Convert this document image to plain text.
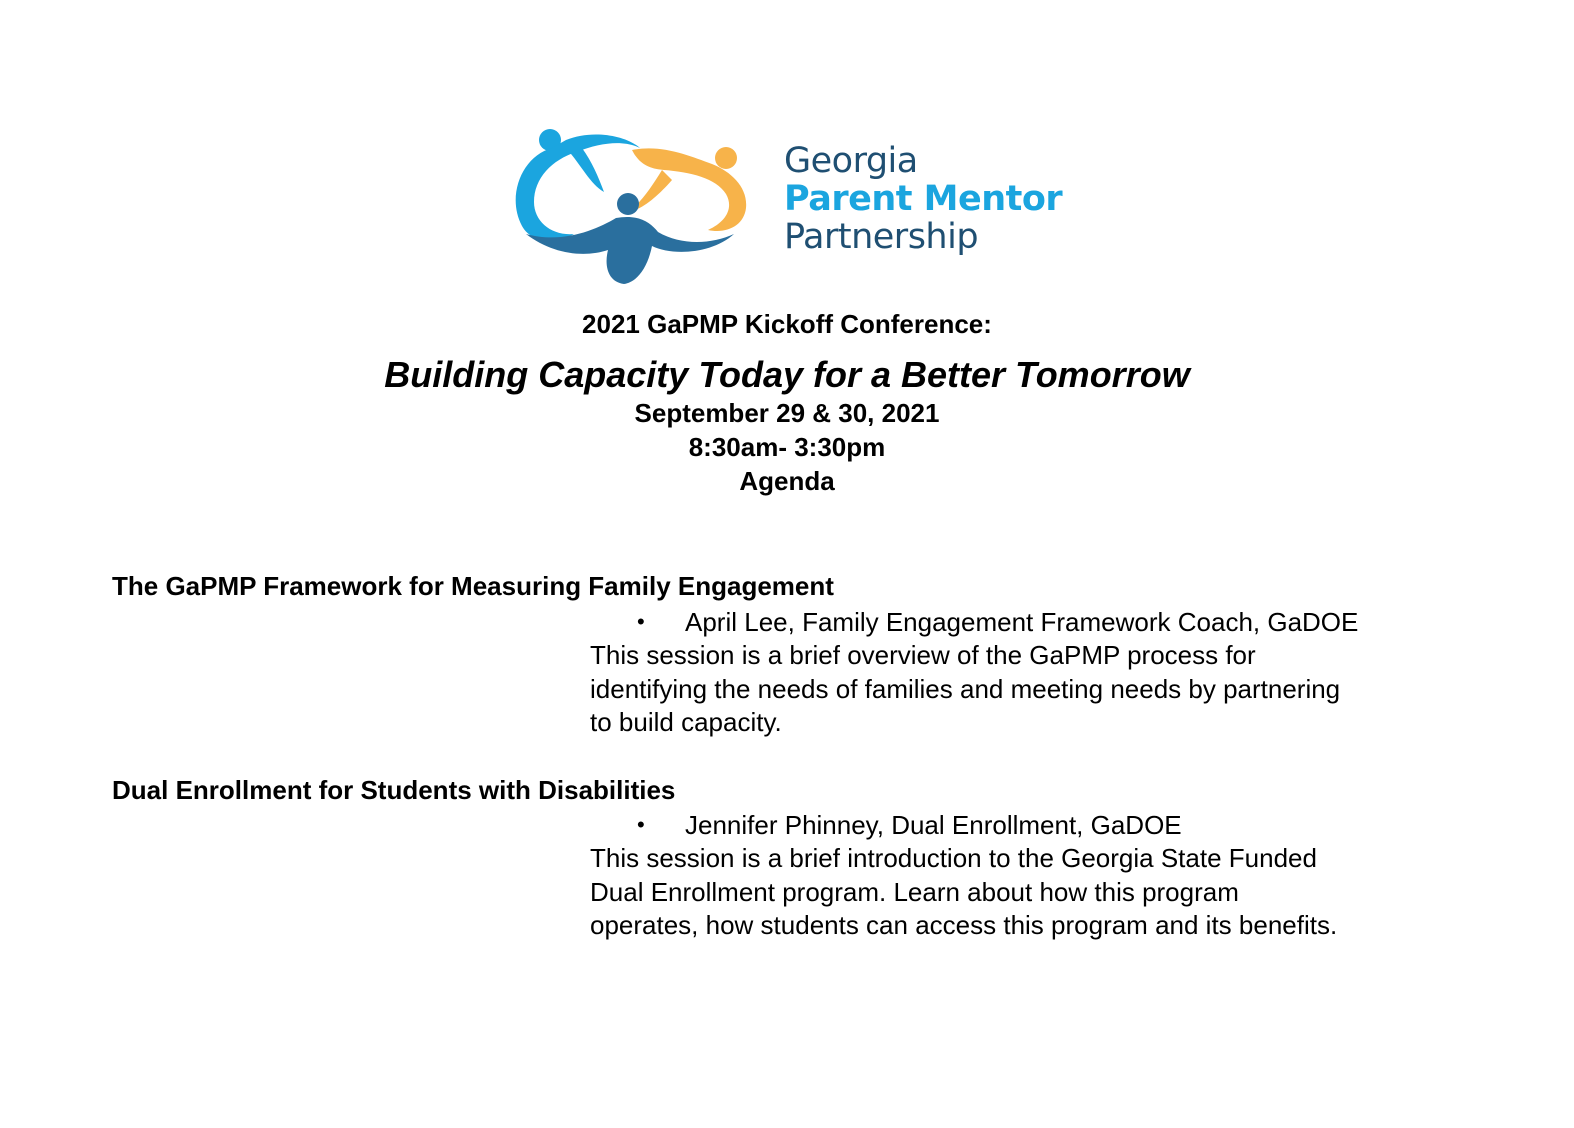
Georgia
Parent Mentor
Partnership
2021 GaPMP Kickoff Conference:
Building Capacity Today for a Better Tomorrow
September 29 & 30, 2021
8:30am- 3:30pm
Agenda
The GaPMP Framework for Measuring Family Engagement
• April Lee, Family Engagement Framework Coach, GaDOE
This session is a brief overview of the GaPMP process for
identifying the needs of families and meeting needs by partnering
to build capacity.
Dual Enrollment for Students with Disabilities
• Jennifer Phinney, Dual Enrollment, GaDOE
This session is a brief introduction to the Georgia State Funded
Dual Enrollment program. Learn about how this program
operates, how students can access this program and its benefits.
